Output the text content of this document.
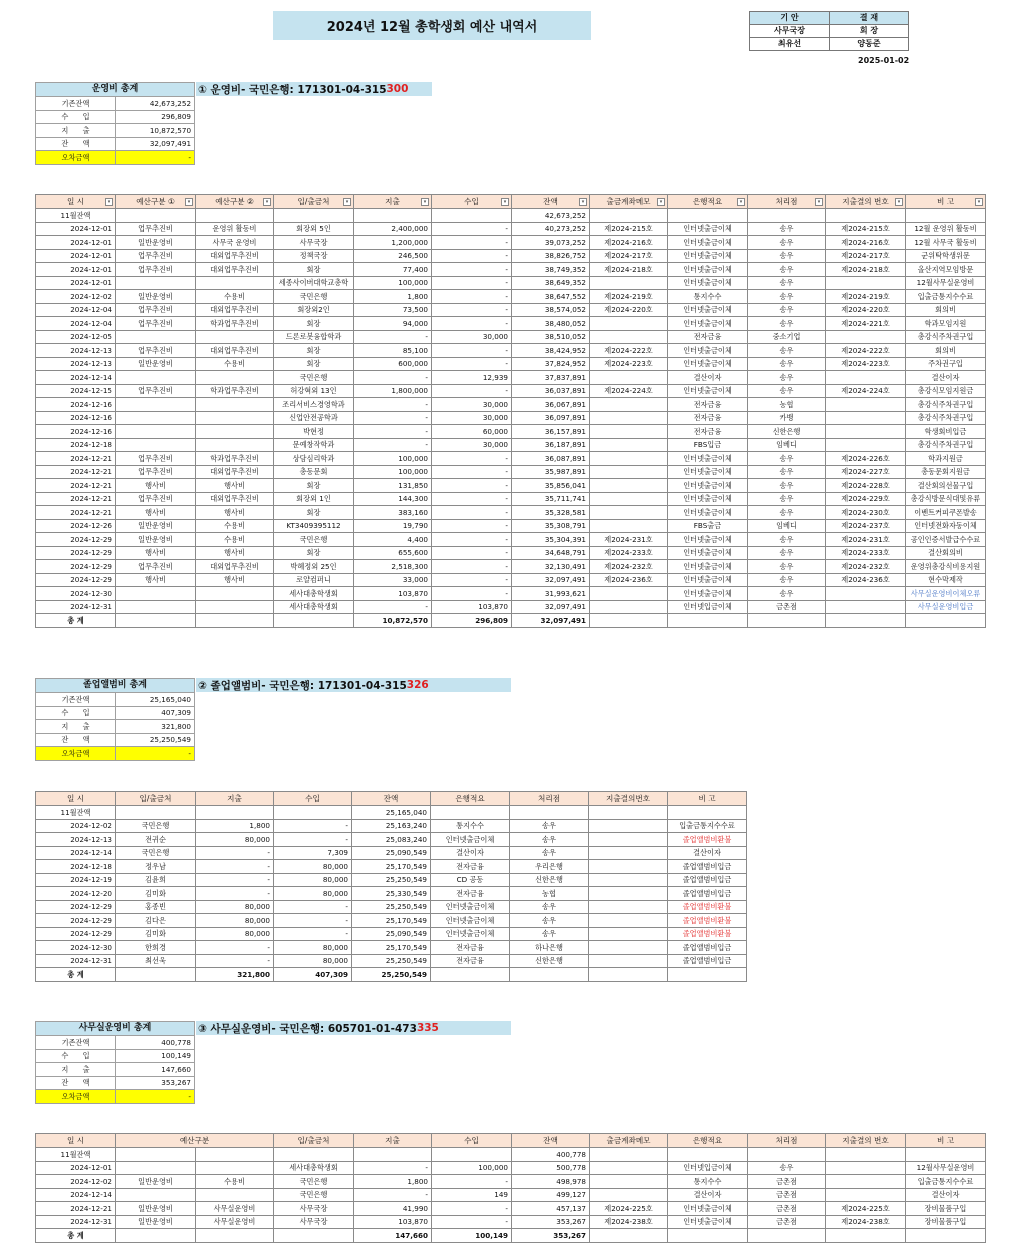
2024년 12월 총학생회 예산 내역서
기 안	결 재
사무국장	회 장
최유선	양동준
2025-01-02
운영비 총계	
기존잔액	42,673,252
수　　입	296,809
지　　출	10,872,570
잔　　액	32,097,491
오차금액	-
① 운영비- 국민은행: 171301-04-315 300
일 시 ▾	예산구분 ① ▾	예산구분 ② ▾	입/출금처 ▾	지출 ▾	수입 ▾	잔액 ▾	출금계좌메모 ▾	은행적요 ▾	처리점 ▾	지출결의 번호 ▾	비 고 ▾

11월잔액						42,673,252					
2024-12-01	업무추진비	운영위 활동비	회장외 5인	2,400,000	-	40,273,252	제2024-215호	인터넷출금이체	송우	제2024-215호	12월 운영위 활동비
2024-12-01	일반운영비	사무국 운영비	사무국장	1,200,000	-	39,073,252	제2024-216호	인터넷출금이체	송우	제2024-216호	12월 사무국 활동비
2024-12-01	업무추진비	대외업무추진비	정책국장	246,500	-	38,826,752	제2024-217호	인터넷출금이체	송우	제2024-217호	군위탁학생위문
2024-12-01	업무추진비	대외업무추진비	회장	77,400	-	38,749,352	제2024-218호	인터넷출금이체	송우	제2024-218호	올산지역모임방문
2024-12-01			세종사이버대학교총학	100,000	-	38,649,352		인터넷출금이체	송우		12월사무실운영비
2024-12-02	일반운영비	수용비	국민은행	1,800	-	38,647,552	제2024-219호	통지수수	송우	제2024-219호	입출금통지수수료
2024-12-04	업무추진비	대외업무추진비	회장외2인	73,500	-	38,574,052	제2024-220호	인터넷출금이체	송우	제2024-220호	회의비
2024-12-04	업무추진비	학과업무추진비	회장	94,000	-	38,480,052		인터넷출금이체	송우	제2024-221호	학과모임지원
2024-12-05			드론로봇융합학과	-	30,000	38,510,052		전자금융	중소기업		총강식주차권구입
2024-12-13	업무추진비	대외업무추진비	회장	85,100	-	38,424,952	제2024-222호	인터넷출금이체	송우	제2024-222호	회의비
2024-12-13	일반운영비	수용비	회장	600,000	-	37,824,952	제2024-223호	인터넷출금이체	송우	제2024-223호	주차권구입
2024-12-14			국민은행	-	12,939	37,837,891		결산이자	송우		결산이자
2024-12-15	업무추진비	학과업무추진비	허강혁외 13인	1,800,000	-	36,037,891	제2024-224호	인터넷출금이체	송우	제2024-224호	총강식모임지원금
2024-12-16			조리서비스경영학과	-	30,000	36,067,891		전자금융	농협		총강식주차권구입
2024-12-16			신업안전공학과	-	30,000	36,097,891		전자금융	카뱅		총강식주차권구입
2024-12-16			박현정	-	60,000	36,157,891		전자금융	신한은행		학생회비입금
2024-12-18			문예창작학과	-	30,000	36,187,891		FBS입금	임베디		총강식주차권구입
2024-12-21	업무추진비	학과업무추진비	상담심리학과	100,000	-	36,087,891		인터넷출금이체	송우	제2024-226호	학과지원금
2024-12-21	업무추진비	대외업무추진비	총동문회	100,000	-	35,987,891		인터넷출금이체	송우	제2024-227호	총동문회지원금
2024-12-21	행사비	행사비	회장	131,850	-	35,856,041		인터넷출금이체	송우	제2024-228호	결산회의선물구입
2024-12-21	업무추진비	대외업무추진비	회장외 1인	144,300	-	35,711,741		인터넷출금이체	송우	제2024-229호	총강식방문식대및유류
2024-12-21	행사비	행사비	회장	383,160	-	35,328,581		인터넷출금이체	송우	제2024-230호	이벤트커피쿠폰발송
2024-12-26	일반운영비	수용비	KT3409395112	19,790	-	35,308,791		FBS출금	임베디	제2024-237호	인터넷전화자동이체
2024-12-29	일반운영비	수용비	국민은행	4,400	-	35,304,391	제2024-231호	인터넷출금이체	송우	제2024-231호	공인인증서발급수수료
2024-12-29	행사비	행사비	회장	655,600	-	34,648,791	제2024-233호	인터넷출금이체	송우	제2024-233호	결산회의비
2024-12-29	업무추진비	대외업무추진비	박혜정외 25인	2,518,300	-	32,130,491	제2024-232호	인터넷출금이체	송우	제2024-232호	운영위총강식비용지원
2024-12-29	행사비	행사비	로얄컴퍼니	33,000	-	32,097,491	제2024-236호	인터넷출금이체	송우	제2024-236호	현수막제작
2024-12-30			세사대총학생회	103,870	-	31,993,621		인터넷출금이체	송우		사무실운영비이체오류
2024-12-31			세사대총학생회	-	103,870	32,097,491		인터넷입금이체	금촌점		사무실운영비입금
총 계				10,872,570	296,809	32,097,491					
졸업앨범비 총계	
기존잔액	25,165,040
수　　입	407,309
지　　출	321,800
잔　　액	25,250,549
오차금액	-
② 졸업앨범비- 국민은행: 171301-04-315 326
일 시	입/출금처	지출	수입	잔액	은행적요	처리점	지출결의번호	비 고
11월잔액				25,165,040				
2024-12-02	국민은행	1,800	-	25,163,240	통지수수	송우		입출금통지수수료
2024-12-13	전귀순	80,000	-	25,083,240	인터넷출금이체	송우		졸업앨범비환불
2024-12-14	국민은행	-	7,309	25,090,549	결산이자	송우		결산이자
2024-12-18	정우남	-	80,000	25,170,549	전자금융	우리은행		졸업앨범비입금
2024-12-19	김윤희	-	80,000	25,250,549	CD 공동	신한은행		졸업앨범비입금
2024-12-20	김미화	-	80,000	25,330,549	전자금융	농협		졸업앨범비입금
2024-12-29	홍종빈	80,000	-	25,250,549	인터넷출금이체	송우		졸업앨범비환불
2024-12-29	김다은	80,000	-	25,170,549	인터넷출금이체	송우		졸업앨범비환불
2024-12-29	김미화	80,000	-	25,090,549	인터넷출금이체	송우		졸업앨범비환불
2024-12-30	한희경	-	80,000	25,170,549	전자금융	하나은행		졸업앨범비입금
2024-12-31	최선욱	-	80,000	25,250,549	전자금융	신한은행		졸업앨범비입금
총 계		321,800	407,309	25,250,549				
사무실운영비 총계	
기존잔액	400,778
수　　입	100,149
지　　출	147,660
잔　　액	353,267
오차금액	-
③ 사무실운영비- 국민은행: 605701-01-473 335
일 시	예산구분		입/출금처	지출	수입	잔액	출금계좌메모	은행적요	처리점	지출결의 번호	비 고
11월잔액						400,778					
2024-12-01			세사대총학생회	-	100,000	500,778		인터넷입금이체	송우		12월사무실운영비
2024-12-02	일반운영비	수용비	국민은행	1,800	-	498,978		통지수수	금촌점		입출금통지수수료
2024-12-14			국민은행	-	149	499,127		결산이자	금촌점		결산이자
2024-12-21	일반운영비	사무실운영비	사무국장	41,990	-	457,137	제2024-225호	인터넷출금이체	금촌점	제2024-225호	장비물품구입
2024-12-31	일반운영비	사무실운영비	사무국장	103,870	-	353,267	제2024-238호	인터넷출금이체	금촌점	제2024-238호	장비물품구입
총 계				147,660	100,149	353,267					
